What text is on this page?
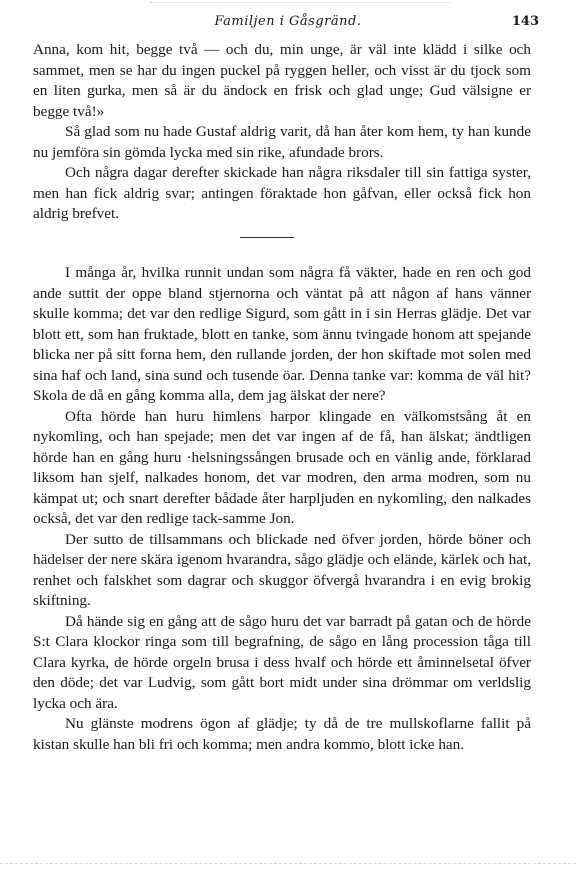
Familjen i Gåsgränd.	143

Anna, kom hit, begge två — och du, min unge, är väl inte klädd i silke och sammet, men se har du ingen puckel på ryggen heller, och visst är du tjock som en liten gurka, men så är du ändock en frisk och glad unge; Gud välsigne er begge två!»

Så glad som nu hade Gustaf aldrig varit, då han åter kom hem, ty han kunde nu jemföra sin gömda lycka med sin rike, afundade brors.

Och några dagar derefter skickade han några riksdaler till sin fattiga syster, men han fick aldrig svar; antingen föraktade hon gåfvan, eller också fick hon aldrig brefvet.

I många år, hvilka runnit undan som några få väkter, hade en ren och god ande suttit der oppe bland stjernorna och väntat på att någon af hans vänner skulle komma; det var den redlige Sigurd, som gått in i sin Herras glädje. Det var blott ett, som han fruktade, blott en tanke, som ännu tvingade honom att spejande blicka ner på sitt forna hem, den rullande jorden, der hon skiftade mot solen med sina haf och land, sina sund och tusende öar. Denna tanke var: komma de väl hit? Skola de då en gång komma alla, dem jag älskat der nere?

Ofta hörde han huru himlens harpor klingade en välkomstsång åt en nykomling, och han spejade; men det var ingen af de få, han älskat; ändtligen hörde han en gång huru ·helsningssången brusade och en vänlig ande, förklarad liksom han sjelf, nalkades honom, det var modren, den arma modren, som nu kämpat ut; och snart derefter bådade åter harpljuden en nykomling, den nalkades också, det var den redlige tack-samme Jon.

Der sutto de tillsammans och blickade ned öfver jorden, hörde böner och hädelser der nere skära igenom hvarandra, sågo glädje och elände, kärlek och hat, renhet och falskhet som dagrar och skuggor öfvergå hvarandra i en evig brokig skiftning.

Då hände sig en gång att de sågo huru det var barradt på gatan och de hörde S:t Clara klockor ringa som till begrafning, de sågo en lång procession tåga till Clara kyrka, de hörde orgeln brusa i dess hvalf och hörde ett åminnelsetal öfver den döde; det var Ludvig, som gått bort midt under sina drömmar om verldslig lycka och ära.

Nu glänste modrens ögon af glädje; ty då de tre mullskoflarne fallit på kistan skulle han bli fri och komma; men andra kommo, blott icke han.
